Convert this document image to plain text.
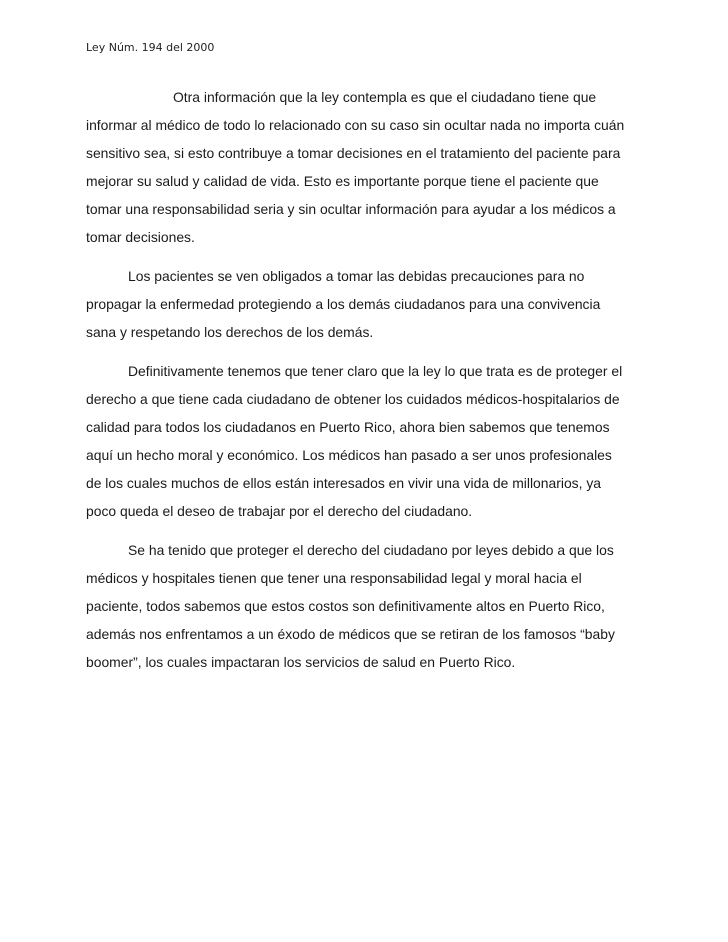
Ley Núm. 194 del 2000
Otra información que la ley contempla es que el ciudadano tiene que
informar al médico de todo lo relacionado con su caso sin ocultar nada no importa cuán
sensitivo sea, si esto contribuye a tomar decisiones en el tratamiento del paciente para
mejorar su salud y calidad de vida. Esto es importante porque tiene el paciente que
tomar una responsabilidad seria y sin ocultar información para ayudar a los médicos a
tomar decisiones.
Los pacientes se ven obligados a tomar las debidas precauciones para no
propagar la enfermedad protegiendo a los demás ciudadanos para una convivencia
sana y respetando los derechos de los demás.
Definitivamente tenemos que tener claro que la ley lo que trata es de proteger el
derecho a que tiene cada ciudadano de obtener los cuidados médicos-hospitalarios de
calidad para todos los ciudadanos en Puerto Rico, ahora bien sabemos que tenemos
aquí un hecho moral y económico. Los médicos han pasado a ser unos profesionales
de los cuales muchos de ellos están interesados en vivir una vida de millonarios, ya
poco queda el deseo de trabajar por el derecho del ciudadano.
Se ha tenido que proteger el derecho del ciudadano por leyes debido a que los
médicos y hospitales tienen que tener una responsabilidad legal y moral hacia el
paciente, todos sabemos que estos costos son definitivamente altos en Puerto Rico,
además nos enfrentamos a un éxodo de médicos que se retiran de los famosos “baby
boomer”, los cuales impactaran los servicios de salud en Puerto Rico.
